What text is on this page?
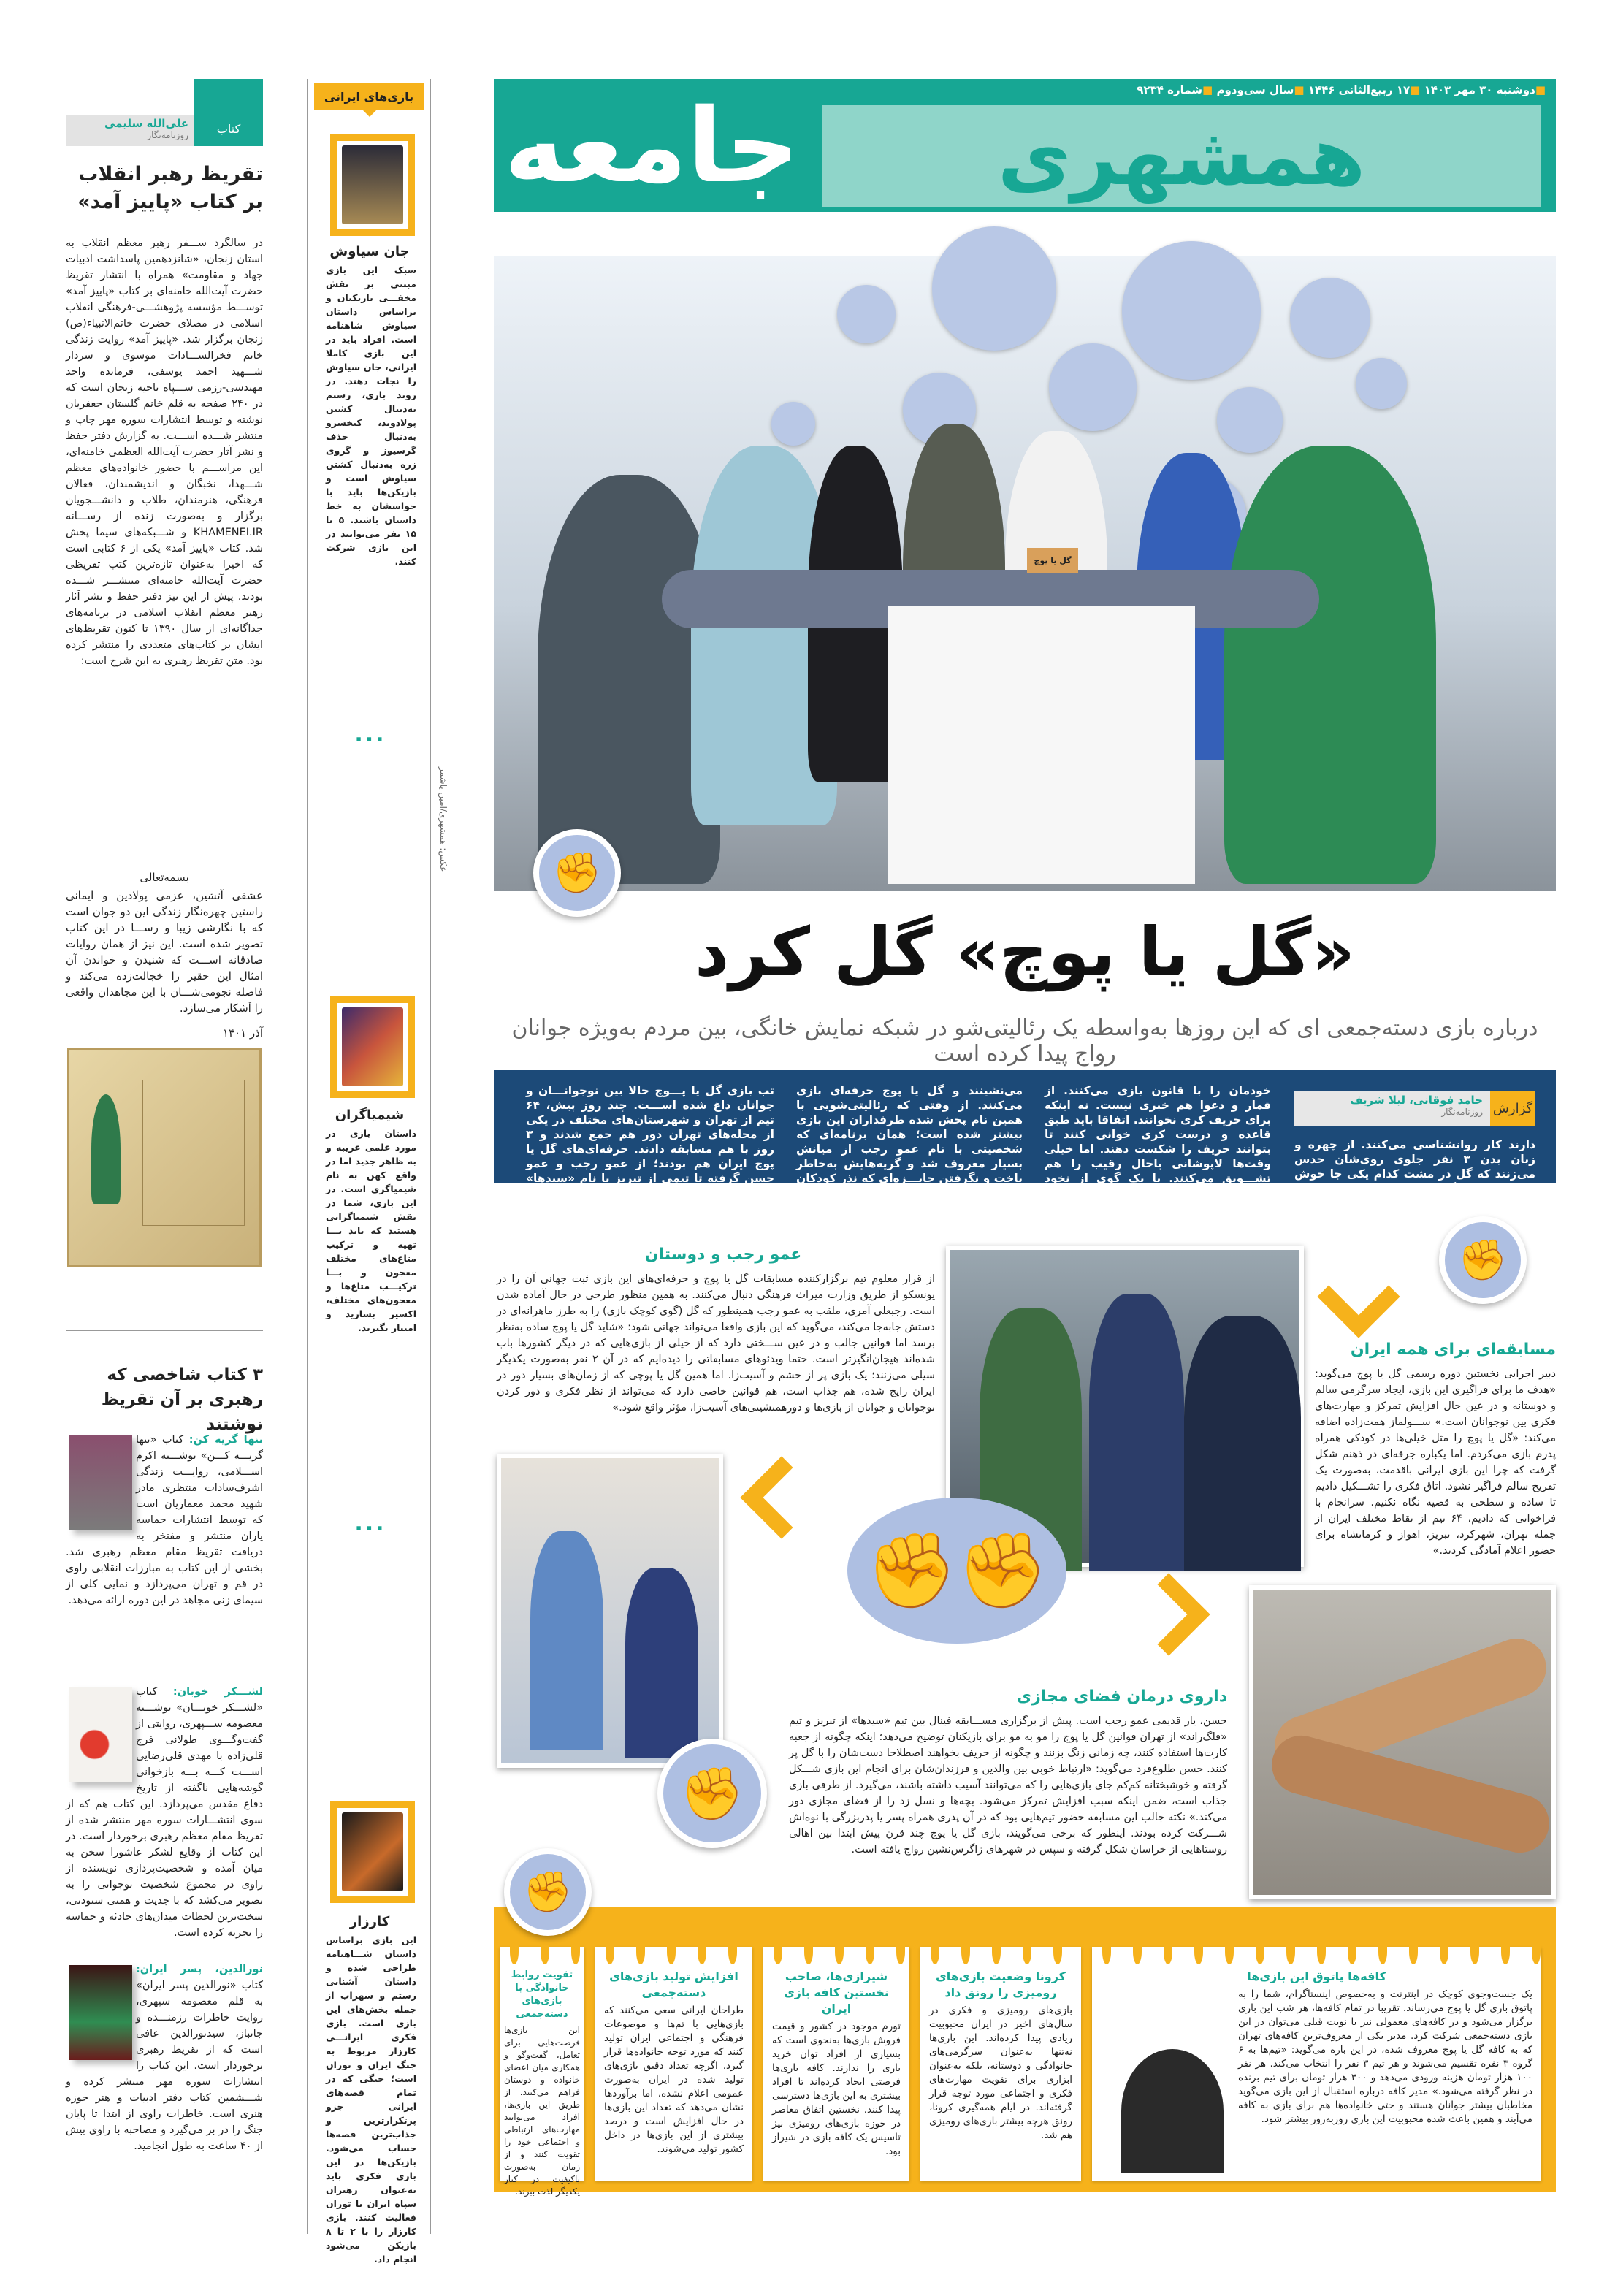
کتاب
علی‌الله سلیمی
روزنامه‌نگار
تقریظ رهبر انقلاب بر کتاب «پاییز آمد»
در سالگرد ســـفر رهبر معظم انقلاب به استان زنجان، «شانزدهمین پاسداشت ادبیات جهاد و مقاومت» همراه با انتشار تقریظ حضرت آیت‌الله خامنه‌ای بر کتاب «پاییز آمد» توســـط مؤسسه پژوهشـــی-فرهنگی انقلاب اسلامی در مصلای حضرت خاتم‌الانبیاء(ص) زنجان برگزار شد. «پاییز آمد» روایت زندگی خانم فخرالســـادات موسوی و سردار شـــهید احمد یوسفی، فرمانده واحد مهندسی-رزمی ســـپاه ناحیه زنجان است که در ۲۴۰ صفحه به قلم خانم گلستان جعفریان نوشته و توسط انتشارات سوره مهر چاپ و منتشر شـــده اســـت. به گزارش دفتر حفظ و نشر آثار حضرت آیت‌الله العظمی خامنه‌ای، این مراســـم با حضور خانواده‌های معظم شـــهدا، نخبگان و اندیشمندان، فعالان فرهنگی، هنرمندان، طلاب و دانشـــجویان برگزار و به‌صورت زنده از رســـانه KHAMENEI.IR و شـــبکه‌های سیما پخش شد. کتاب «پاییز آمد» یکی از ۶ کتابی است که اخیرا به‌عنوان تازه‌ترین کتب تقریظی حضرت آیت‌الله خامنه‌ای منتشـــر شـــده بودند. پیش از این نیز دفتر حفظ و نشر آثار رهبر معظم انقلاب اسلامی در برنامه‌های جداگانه‌ای از سال ۱۳۹۰ تا کنون تقریظ‌های ایشان بر کتاب‌های متعددی را منتشر کرده بود. متن تقریظ رهبری به این شرح است:
بسمه‌تعالی
عشقی آتشین، عزمی پولادین و ایمانی راستین چهره‌نگار زندگی این دو جوان است که با نگارشی زیبا و رســـا در این کتاب تصویر شده است. این نیز از همان روایات صادقانه اســـت که شنیدن و خواندن آن امثال این حقیر را خجالت‌زده می‌کند و فاصله نجومی‌شـــان با این مجاهدان واقعی را آشکار می‌سازد.
آذر ۱۴۰۱
۳ کتاب شاخصی که رهبری بر آن تقریظ نوشتند
تنها گریه کن: کتاب «تنها گریـــه کـــن» نوشـــته اکرم اســـلامی، روایـــت زندگی اشرف‌سادات منتظری مادر شهید محمد معماریان است که توسط انتشارات حماسه یاران منتشر و مفتخر به دریافت تقریظ مقام معظم رهبری شد. بخشی از این کتاب به مبارزات انقلابی راوی در قم و تهران می‌پردازد و نمایی کلی از سیمای زنی مجاهد در این دوره ارائه می‌دهد.
لشـــکر خوبان: کتاب «لشـــکر خوبـــان» نوشـــته معصومه ســـپهری، روایتی از گفت‌وگـــوی طولانی فرج قلی‌زاده با مهدی قلی‌رضایی اســـت کـــه بـــه بازخوانی گوشه‌هایی ناگفته از تاریخ دفاع مقدس می‌پردازد. این کتاب هم که از سوی انتشـــارات سوره مهر منتشر شده از تقریظ مقام معظم رهبری برخوردار است. در این کتاب از وقایع لشکر عاشورا سخن به میان آمده و شخصیت‌پردازی نویسنده از راوی در مجموع شخصیت نوجوانی را به تصویر می‌کشد که با جدیت و همتی ستودنی، سخت‌ترین لحظات میدان‌های حادثه و حماسه را تجربه کرده است.
نورالدین، پسر ایران: کتاب «نورالدین پسر ایران» به قلم معصومه سپهری، روایت خاطرات رزمنـــده و جانباز، سیدنورالدین عافی است که از تقریظ رهبری برخوردار است. این کتاب را انتشارات سوره مهر منتشر کرده و شـــشمین کتاب دفتر ادبیات و هنر حوزه هنری است. خاطرات راوی از ابتدا تا پایان جنگ را در بر می‌گیرد و مصاحبه با راوی بیش از ۴۰ ساعت به طول انجامید.
بازی‌های ایرانی
جان سیاوش
سبک این بازی مبتنی بر نقش مخفـــی بازیکنان و براساس داستان سیاوش شاهنامه است. افراد باید در این بازی کاملا ایرانی، جان سیاوش را نجات دهند. در روند بازی، رستم به‌دنبال کشتن پولادوند، کیخسرو به‌دنبال حذف گرسیوز و گروی زره به‌دنبال کشتن سیاوش است و بازیکن‌ها باید با حواسشان به خط داستان باشند. ۵ تا ۱۵ نفر می‌توانند در این بازی شرکت کنند.
...
شیمیاگران
داستان بازی در مورد علمی غریبه و به ظاهر جدید اما در واقع کهن به نام شیمیاگری است. در این بازی، شما در نقش شیمیاگرانی هستید که باید بـــا تهیه و ترکیب متاع‌های مختلف معجون و بـــا ترکیـــب متاع‌ها و معجون‌های مختلف، اکسیر بسازید و امتیاز بگیرید.
...
کارزار
این بازی براساس داستان شـــاهنامه طراحی شده و داستان آشنایی رستم و سهراب از جمله بخش‌های این بازی است. بازی فکری ایرانـــی کارزار مربوط به جنگ ایران و توران است؛ جنگی که در تمام قصه‌های ایرانی جزو پرتکرارترین و جذاب‌ترین قصه‌ها حساب می‌شود. بازیکن‌ها در این بازی فکری باید به‌عنوان رهبران سپاه ایران یا توران فعالیت کنند. بازی کارزار را با ۲ تا ۸ بازیکن می‌شود انجام داد.
■دوشنبه ۳۰ مهر ۱۴۰۳ ■۱۷ ربیع‌الثانی ۱۴۴۶ ■سال سی‌ودوم ■شماره ۹۲۳۴
همشهری
جامعه
گل یا پوچ
عکس: همشهری/امین یاشمر
✊
«گل یا پوچ» گل کرد
درباره بازی دسته‌جمعی ای که این روزها به‌واسطه یک رئالیتی‌شو در شبکه نمایش خانگی، بین مردم به‌ویژه جوانان رواج پیدا کرده است
گزارش
حامد فوقانی، لیلا شریف
روزنامه‌نگار
دارند کار روانشناسی می‌کنند. از چهره و زبان بدن ۳ نفر جلوی روی‌شان حدس می‌زنند که گل در مشت کدام یکی جا خوش کرده؛ همـــان گل یا پوچ قدیمی
خودمان را با قانون بازی می‌کنند. از قمار و دعوا هم خبری نیست. نه اینکه برای حریف کری نخوانند. اتفاقا باید طبق قاعده و درست کری خوانی کنند تا بتوانند حریف را شکست دهند. اما خیلی وقت‌ها لاپوشانی باحال رقیب را هم تشـــویق می‌کنند. با یک گوی از نخود کوچک‌تر و چند برگه که به آنها شانس بیشتر می‌دهد و یک زنگ رومیزی، ۳ بـــه ۳ روبه‌روی هم
می‌نشینند و گل یا پوچ حرفه‌ای بازی می‌کنند. از وقتی که رئالیتی‌شویی با همین نام پخش شده طرفداران این بازی بیشتر شده است؛ همان برنامه‌ای که شخصیتی با نام عمو رجب از میانش بسیار معروف شد و گریه‌هایش به‌خاطر باخت و نگرفتن جایـــزه‌ای که نذر کودکان بی‌سرپرست کرده بود، حسابی در شبکه‌های اجتماعی چرخید.
تب بازی گل یا پـــوچ حالا بین نوجوانـــان و جوانان داغ شده اســـت. چند روز پیش، ۶۴ تیم از تهران و شهرستان‌های مختلف در یکی از محله‌های تهران دور هم جمع شدند و ۳ روز با هم مسابقه دادند. حرفه‌ای‌های گل یا پوچ ایران هم بودند؛ از عمو رجب و عمو حسن گرفته تا تیمی از تبریز با نام «سیدها» که حریف‌ها در برابرشان کم می‌آوردند.
عمو رجب و دوستان
از قرار معلوم تیم برگزارکننده مسابقات گل یا پوچ و حرفه‌ای‌های این بازی ثبت جهانی آن را در یونسکو از طریق وزارت میراث فرهنگی دنبال می‌کنند. به همین منظور طرحی در حال آماده شدن است. رجبعلی آمری، ملقب به عمو رجب همینطور که گل (گوی کوچک بازی) را به طرز ماهرانه‌ای در دستش جابه‌جا می‌کند، می‌گوید که این بازی واقعا می‌تواند جهانی شود: «شاید گل یا پوچ ساده به‌نظر برسد اما قوانین جالب و در عین ســـختی دارد که از خیلی از بازی‌هایی که در دیگر کشورها باب شده‌اند هیجان‌انگیزتر است. حتما ویدئوهای مسابقاتی را دیده‌ایم که در آن ۲ نفر به‌صورت یکدیگر سیلی می‌زنند؛ یک بازی پر از خشم و آسیب‌زا. اما همین گل یا پوچی که از زمان‌های بسیار دور در ایران رایج شده، هم جذاب است، هم قوانین خاصی دارد که می‌تواند از نظر فکری و دور کردن نوجوانان و جوانان از بازی‌ها و دورهمنشینی‌های آسیب‌زا، مؤثر واقع شود.»
✊
مسابقه‌ای برای همه ایران
دبیر اجرایی نخستین دوره رسمی گل یا پوچ می‌گوید: «هدف ما برای فراگیری این بازی، ایجاد سرگرمی سالم و دوستانه و در عین حال افزایش تمرکز و مهارت‌های فکری بین نوجوانان است.» ســـولماز همت‌زاده اضافه می‌کند: «گل یا پوچ را مثل خیلی‌ها در کودکی همراه پدرم بازی می‌کردم. اما یکباره جرقه‌ای در ذهنم شکل گرفت که چرا این بازی ایرانی باقدمت، به‌صورت یک تفریح سالم فراگیر نشود. اتاق فکری را تشـــکیل دادیم تا ساده و سطحی به قضیه نگاه نکنیم. سرانجام با فراخوانی که دادیم، ۶۴ تیم از نقاط مختلف ایران از جمله تهران، شهرکرد، تبریز، اهواز و کرمانشاه برای حضور اعلام آمادگی کردند.»
✊
✊✊
داروی درمان فضای مجازی
حسن، یار قدیمی عمو رجب است. پیش از برگزاری مســـابقه فینال بین تیم «سیدها» از تبریز و تیم «فلگ‌راند» از تهران قوانین گل یا پوچ را مو به مو برای بازیکنان توضیح می‌دهد؛ اینکه چگونه از جعبه کارت‌ها استفاده کنند، چه زمانی زنگ بزنند و چگونه از حریف بخواهند اصطلاحا دست‌شان را با گل پر کنند. حسن طلوع‌فرد می‌گوید: «ارتباط خوبی بین والدین و فرزندان‌شان برای انجام این بازی شـــکل گرفته و خوشبختانه کم‌کم جای بازی‌هایی را که می‌توانند آسیب داشته باشند، می‌گیرد. از طرفی بازی جذاب است، ضمن اینکه سبب افزایش تمرکز می‌شود. بچه‌ها و نسل زد را از فضای مجازی دور می‌کند.» نکته جالب این مسابقه حضور تیم‌هایی بود که در آن پدری همراه پسر یا پدربزرگی با نوه‌اش شـــرکت کرده بودند. اینطور که برخی می‌گویند، بازی گل یا پوچ چند قرن پیش ابتدا بین اهالی روستاهایی از خراسان شکل گرفته و سپس در شهرهای زاگرس‌نشین رواج یافته است.
کافه‌ها پاتوق این بازی‌ها
یک جست‌وجوی کوچک در اینترنت و به‌خصوص اینستاگرام، شما را به پاتوق بازی گل یا پوچ می‌رساند. تقریبا در تمام کافه‌ها، هر شب این بازی برگزار می‌شود و در کافه‌های معمولی نیز با نوبت قبلی می‌توان در این بازی دسته‌جمعی شرکت کرد. مدیر یکی از معروف‌ترین کافه‌های تهران که به کافه گل یا پوچ معروف شده، در این باره می‌گوید: «تیم‌ها به ۶ گروه ۳ نفره تقسیم می‌شوند و هر تیم ۳ نفر را انتخاب می‌کند. هر نفر ۱۰۰ هزار تومان هزینه ورودی می‌دهد و ۳۰۰ هزار تومان برای تیم برنده در نظر گرفته می‌شود.» مدیر کافه درباره استقبال از این بازی می‌گوید مخاطبان بیشتر جوانان هستند و حتی خانواده‌ها هم برای بازی به کافه می‌آیند و همین باعث شده محبوبیت این بازی روزبه‌روز بیشتر شود.
کرونا وضعیت بازی‌های رومیزی را رونق داد
بازی‌های رومیزی و فکری در سال‌های اخیر در ایران محبوبیت زیادی پیدا کرده‌اند. این بازی‌ها نه‌تنها به‌عنوان سرگرمی‌های خانوادگی و دوستانه، بلکه به‌عنوان ابزاری برای تقویت مهارت‌های فکری و اجتماعی مورد توجه قرار گرفته‌اند. در ایام همه‌گیری کرونا، رونق هرچه بیشتر بازی‌های رومیزی هم شد.
شیرازی‌ها، صاحب نخستین کافه بازی ایران
تورم موجود در کشور و قیمت فروش بازی‌ها به‌نحوی است که بسیاری از افراد توان خرید بازی را ندارند. کافه بازی‌ها فرصتی ایجاد کرده‌اند تا افراد بیشتری به این بازی‌ها دسترسی پیدا کنند. نخستین اتفاق معاصر در حوزه بازی‌های رومیزی نیز تاسیس یک کافه بازی در شیراز بود.
افزایش تولید بازی‌های دسته‌جمعی
طراحان ایرانی سعی می‌کنند که بازی‌هایی با تم‌ها و موضوعات فرهنگی و اجتماعی ایران تولید کنند که مورد توجه خانواده‌ها قرار گیرد. اگرچه تعداد دقیق بازی‌های تولید شده در ایران به‌صورت عمومی اعلام نشده، اما برآوردها نشان می‌دهد که تعداد این بازی‌ها در حال افزایش است و درصد بیشتری از این بازی‌ها در داخل کشور تولید می‌شوند.
تقویت روابط خانوادگی با بازی‌های دسته‌جمعی
این بازی‌ها فرصت‌هایی برای تعامل، گفت‌وگو و همکاری میان اعضای خانواده و دوستان فراهم می‌کنند. از طریق این بازی‌ها، افراد می‌توانند مهارت‌های ارتباطی و اجتماعی خود را تقویت کنند و از زمان به‌صورت باکیفیت در کنار یکدیگر لذت ببرند.
✊
